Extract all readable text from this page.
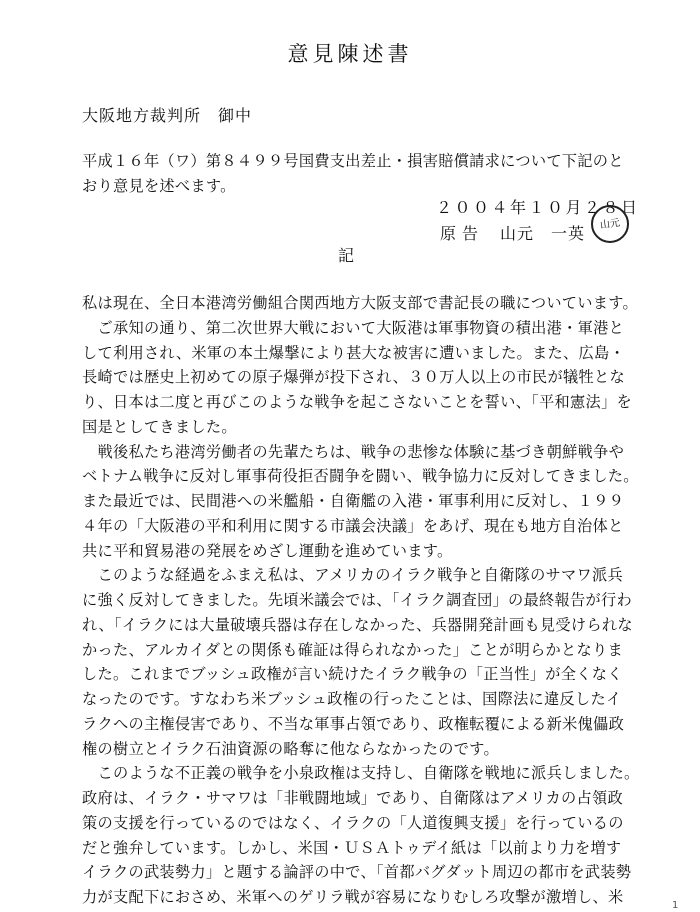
意見陳述書
大阪地方裁判所　御中
平成１６年（ワ）第８４９９号国費支出差止・損害賠償請求について下記のと
おり意見を述べます。
２００４年１０月２８日
原告 山元　一英	山元
記
私は現在、全日本港湾労働組合関西地方大阪支部で書記長の職についています。
　ご承知の通り、第二次世界大戦において大阪港は軍事物資の積出港・軍港と
して利用され、米軍の本土爆撃により甚大な被害に遭いました。また、広島・
長崎では歴史上初めての原子爆弾が投下され、３０万人以上の市民が犠牲とな
り、日本は二度と再びこのような戦争を起こさないことを誓い、「平和憲法」を
国是としてきました。
　戦後私たち港湾労働者の先輩たちは、戦争の悲惨な体験に基づき朝鮮戦争や
ベトナム戦争に反対し軍事荷役拒否闘争を闘い、戦争協力に反対してきました。
また最近では、民間港への米艦船・自衛艦の入港・軍事利用に反対し、１９９
４年の「大阪港の平和利用に関する市議会決議」をあげ、現在も地方自治体と
共に平和貿易港の発展をめざし運動を進めています。
　このような経過をふまえ私は、アメリカのイラク戦争と自衛隊のサマワ派兵
に強く反対してきました。先頃米議会では、「イラク調査団」の最終報告が行わ
れ、「イラクには大量破壊兵器は存在しなかった、兵器開発計画も見受けられな
かった、アルカイダとの関係も確証は得られなかった」ことが明らかとなりま
した。これまでブッシュ政権が言い続けたイラク戦争の「正当性」が全くなく
なったのです。すなわち米ブッシュ政権の行ったことは、国際法に違反したイ
ラクへの主権侵害であり、不当な軍事占領であり、政権転覆による新米傀儡政
権の樹立とイラク石油資源の略奪に他ならなかったのです。
　このような不正義の戦争を小泉政権は支持し、自衛隊を戦地に派兵しました。
政府は、イラク・サマワは「非戦闘地域」であり、自衛隊はアメリカの占領政
策の支援を行っているのではなく、イラクの「人道復興支援」を行っているの
だと強弁しています。しかし、米国・ＵＳＡトゥデイ紙は「以前より力を増す
イラクの武装勢力」と題する論評の中で、「首都バグダット周辺の都市を武装勢
力が支配下におさめ、米軍へのゲリラ戦が容易になりむしろ攻撃が激増し、米	1
